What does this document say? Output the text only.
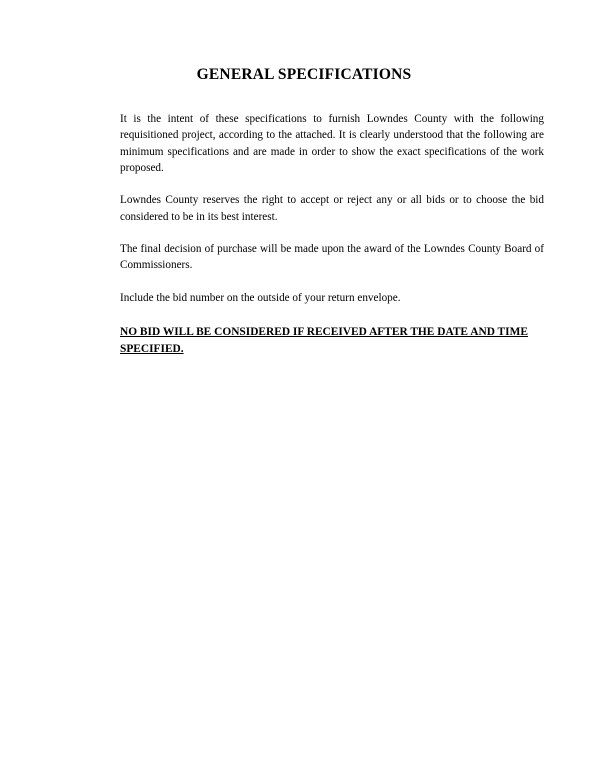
GENERAL SPECIFICATIONS

It is the intent of these specifications to furnish Lowndes County with the following requisitioned project, according to the attached. It is clearly understood that the following are minimum specifications and are made in order to show the exact specifications of the work proposed.

Lowndes County reserves the right to accept or reject any or all bids or to choose the bid considered to be in its best interest.

The final decision of purchase will be made upon the award of the Lowndes County Board of Commissioners.

Include the bid number on the outside of your return envelope.

NO BID WILL BE CONSIDERED IF RECEIVED AFTER THE DATE AND TIME SPECIFIED.
